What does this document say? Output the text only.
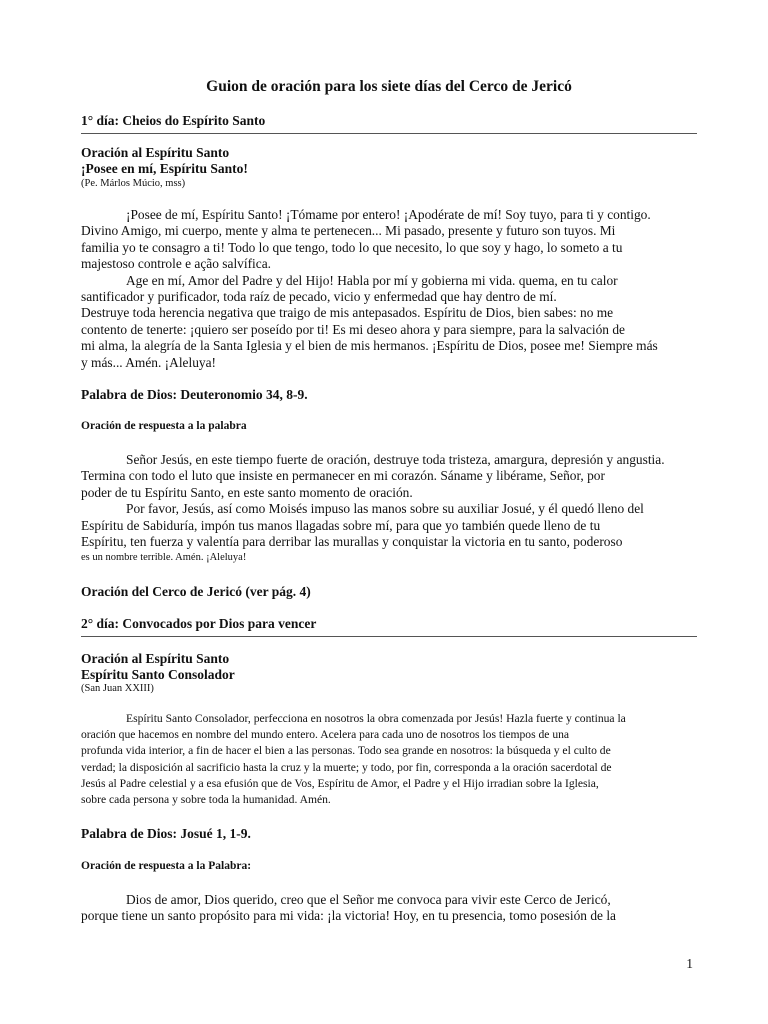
Guion de oración para los siete días del Cerco de Jericó
1° día: Cheios do Espírito Santo
Oración al Espíritu Santo
¡Posee en mí, Espíritu Santo!
(Pe. Márlos Múcio, mss)
¡Posee de mí, Espíritu Santo! ¡Tómame por entero! ¡Apodérate de mí! Soy tuyo, para ti y contigo.
Divino Amigo, mi cuerpo, mente y alma te pertenecen... Mi pasado, presente y futuro son tuyos. Mi
familia yo te consagro a ti! Todo lo que tengo, todo lo que necesito, lo que soy y hago, lo someto a tu
majestoso controle e ação salvífica.
Age en mí, Amor del Padre y del Hijo! Habla por mí y gobierna mi vida. quema, en tu calor
santificador y purificador, toda raíz de pecado, vicio y enfermedad que hay dentro de mí.
Destruye toda herencia negativa que traigo de mis antepasados. Espíritu de Dios, bien sabes: no me
contento de tenerte: ¡quiero ser poseído por ti! Es mi deseo ahora y para siempre, para la salvación de
mi alma, la alegría de la Santa Iglesia y el bien de mis hermanos. ¡Espíritu de Dios, posee me! Siempre más
y más... Amén. ¡Aleluya!
Palabra de Dios: Deuteronomio 34, 8-9.
Oración de respuesta a la palabra
Señor Jesús, en este tiempo fuerte de oración, destruye toda tristeza, amargura, depresión y angustia.
Termina con todo el luto que insiste en permanecer en mi corazón. Sáname y libérame, Señor, por
poder de tu Espíritu Santo, en este santo momento de oración.
Por favor, Jesús, así como Moisés impuso las manos sobre su auxiliar Josué, y él quedó lleno del
Espíritu de Sabiduría, impón tus manos llagadas sobre mí, para que yo también quede lleno de tu
Espíritu, ten fuerza y valentía para derribar las murallas y conquistar la victoria en tu santo, poderoso
es un nombre terrible. Amén. ¡Aleluya!
Oración del Cerco de Jericó (ver pág. 4)
2° día: Convocados por Dios para vencer
Oración al Espíritu Santo
Espíritu Santo Consolador
(San Juan XXIII)
Espíritu Santo Consolador, perfecciona en nosotros la obra comenzada por Jesús! Hazla fuerte y continua la
oración que hacemos en nombre del mundo entero. Acelera para cada uno de nosotros los tiempos de una
profunda vida interior, a fin de hacer el bien a las personas. Todo sea grande en nosotros: la búsqueda y el culto de
verdad; la disposición al sacrificio hasta la cruz y la muerte; y todo, por fin, corresponda a la oración sacerdotal de
Jesús al Padre celestial y a esa efusión que de Vos, Espíritu de Amor, el Padre y el Hijo irradian sobre la Iglesia,
sobre cada persona y sobre toda la humanidad. Amén.
Palabra de Dios: Josué 1, 1-9.
Oración de respuesta a la Palabra:
Dios de amor, Dios querido, creo que el Señor me convoca para vivir este Cerco de Jericó,
porque tiene un santo propósito para mi vida: ¡la victoria! Hoy, en tu presencia, tomo posesión de la
1
